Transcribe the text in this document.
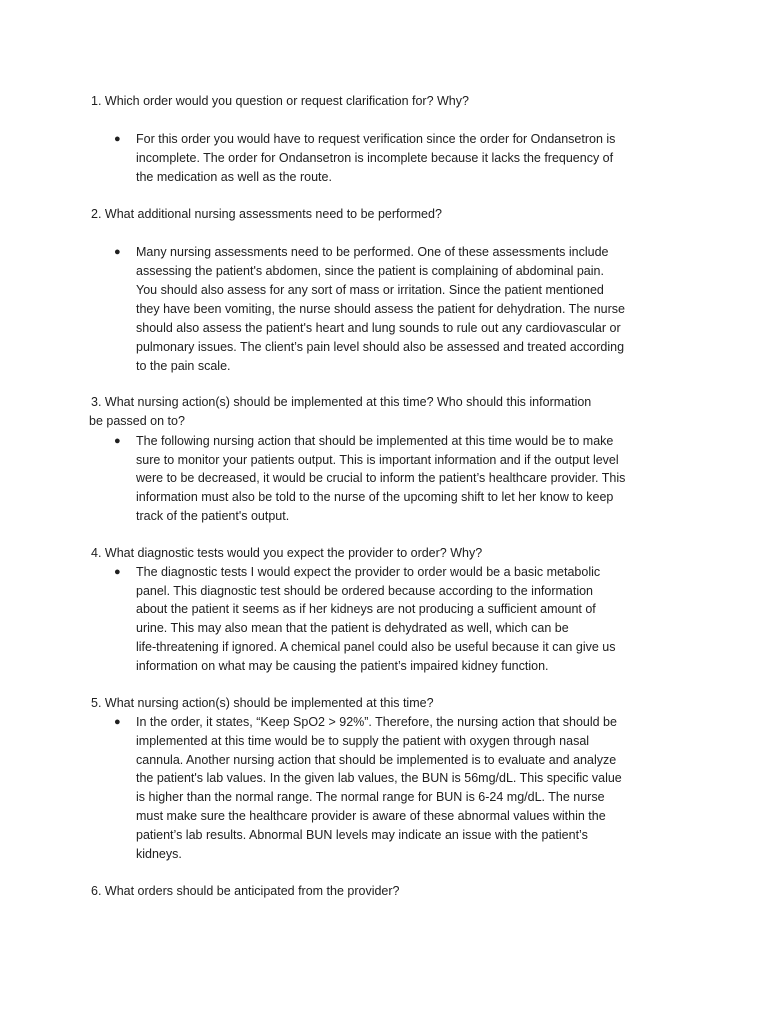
1. Which order would you question or request clarification for? Why?
● For this order you would have to request verification since the order for Ondansetron is
incomplete. The order for Ondansetron is incomplete because it lacks the frequency of
the medication as well as the route.
2. What additional nursing assessments need to be performed?
● Many nursing assessments need to be performed. One of these assessments include
assessing the patient's abdomen, since the patient is complaining of abdominal pain.
You should also assess for any sort of mass or irritation. Since the patient mentioned
they have been vomiting, the nurse should assess the patient for dehydration. The nurse
should also assess the patient's heart and lung sounds to rule out any cardiovascular or
pulmonary issues. The client’s pain level should also be assessed and treated according
to the pain scale.
3. What nursing action(s) should be implemented at this time? Who should this information
be passed on to?
● The following nursing action that should be implemented at this time would be to make
sure to monitor your patients output. This is important information and if the output level
were to be decreased, it would be crucial to inform the patient’s healthcare provider. This
information must also be told to the nurse of the upcoming shift to let her know to keep
track of the patient's output.
4. What diagnostic tests would you expect the provider to order? Why?
● The diagnostic tests I would expect the provider to order would be a basic metabolic
panel. This diagnostic test should be ordered because according to the information
about the patient it seems as if her kidneys are not producing a sufficient amount of
urine. This may also mean that the patient is dehydrated as well, which can be
life-threatening if ignored. A chemical panel could also be useful because it can give us
information on what may be causing the patient’s impaired kidney function.
5. What nursing action(s) should be implemented at this time?
● In the order, it states, “Keep SpO2 > 92%”. Therefore, the nursing action that should be
implemented at this time would be to supply the patient with oxygen through nasal
cannula. Another nursing action that should be implemented is to evaluate and analyze
the patient's lab values. In the given lab values, the BUN is 56mg/dL. This specific value
is higher than the normal range. The normal range for BUN is 6-24 mg/dL. The nurse
must make sure the healthcare provider is aware of these abnormal values within the
patient’s lab results. Abnormal BUN levels may indicate an issue with the patient’s
kidneys.
6. What orders should be anticipated from the provider?
